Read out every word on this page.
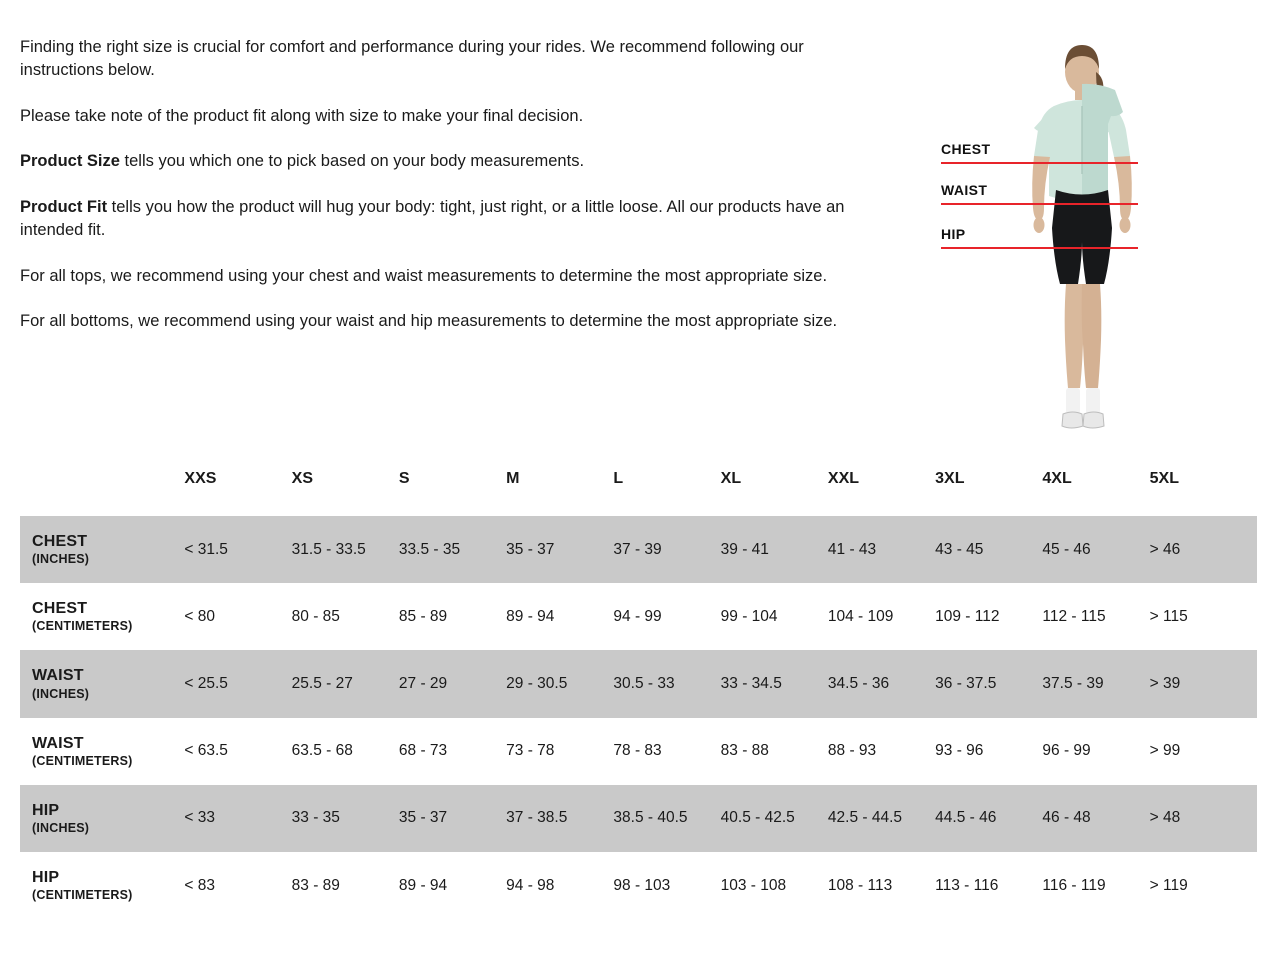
Finding the right size is crucial for comfort and performance during your rides. We recommend following our instructions below.

Please take note of the product fit along with size to make your final decision.

Product Size tells you which one to pick based on your body measurements.

Product Fit tells you how the product will hug your body: tight, just right, or a little loose. All our products have an intended fit.

For all tops, we recommend using your chest and waist measurements to determine the most appropriate size.

For all bottoms, we recommend using your waist and hip measurements to determine the most appropriate size.

CHEST
WAIST
HIP
	XXS	XS	S	M	L	XL	XXL	3XL	4XL	5XL

CHEST
(INCHES)	< 31.5	31.5 - 33.5	33.5 - 35	35 - 37	37 - 39	39 - 41	41 - 43	43 - 45	45 - 46	> 46

CHEST
(CENTIMETERS)	< 80	80 - 85	85 - 89	89 - 94	94 - 99	99 - 104	104 - 109	109 - 112	112 - 115	> 115

WAIST
(INCHES)	< 25.5	25.5 - 27	27 - 29	29 - 30.5	30.5 - 33	33 - 34.5	34.5 - 36	36 - 37.5	37.5 - 39	> 39

WAIST
(CENTIMETERS)	< 63.5	63.5 - 68	68 - 73	73 - 78	78 - 83	83 - 88	88 - 93	93 - 96	96 - 99	> 99

HIP
(INCHES)	< 33	33 - 35	35 - 37	37 - 38.5	38.5 - 40.5	40.5 - 42.5	42.5 - 44.5	44.5 - 46	46 - 48	> 48

HIP
(CENTIMETERS)	< 83	83 - 89	89 - 94	94 - 98	98 - 103	103 - 108	108 - 113	113 - 116	116 - 119	> 119
